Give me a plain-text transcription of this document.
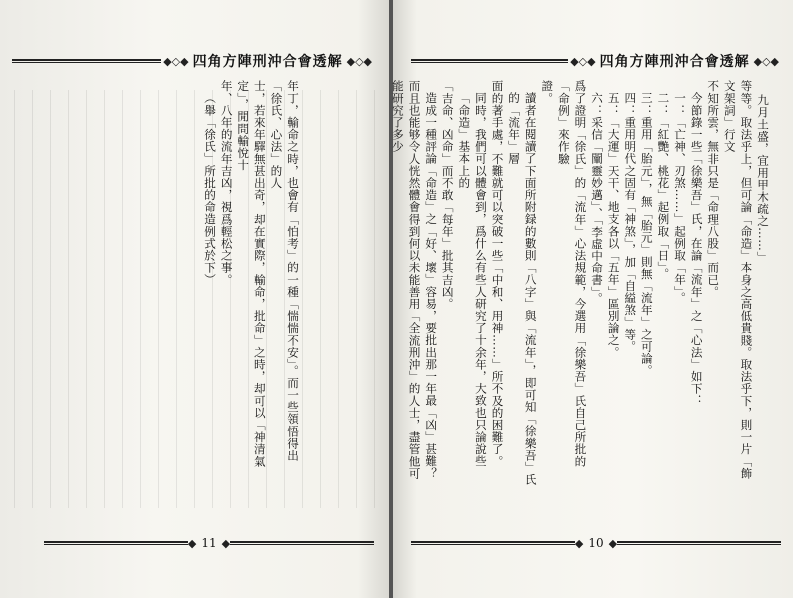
◆◇◆ 四角方陣刑沖合會透解 ◆◇◆

年丁，輸命之時，也會有「怕考」的一種「惴惴不安」。而一些領悟得出「徐氏、心法」的人

士，若來年驛無甚出奇，却在實際，輸命，批命」之時，却可以「神清氣定」，閒問輸悅十

年、八年的流年吉凶，視爲輕松之事。

（舉「徐氏」所批的命造例式於下）

◆ 11 ◆
◆◇◆ 四角方陣刑沖合會透解 ◆◇◆

九月土盛，宜用甲木疏之……」

等等。取法乎上，但可論「命造」本身之高低貴賤。取法乎下，則一片「飾文架詞」行文

不知所雲，無非只是「命理八股」而已。

今節錄一些「徐樂吾」氏，在論「流年」之「心法」如下：

一：「亡神、刃煞……」起例取「年」。

二：「紅艷、桃花」起例取「日」。

三：重用「胎元」，無「胎元」則無「流年」之可論。

四：重用明代之固有「神煞」，加「自縊煞」等。

五：「大運」天干、地支各以「五年」區別論之。

六：采信「闡靈妙邁」、「李虛中命書」。

爲了證明「徐氏」的「流年」心法規範，今選用「徐樂吾」氏自己所批的「命例」來作驗

證。

讀者在閱讀了下面所附録的數則「八字」與「流年」，即可知「徐樂吾」氏的「流年」層

面的著手處，不難就可以突破一些「中和、用神……」所不及的困難了。

同時，我們可以體會到，爲什么有些人研究了十余年，大致也只論說些「命造」基本上的

「吉命、凶命」而不敢「每年」批其吉凶。

造成一種評論「命造」之「好、壞」容易，要批出那一年最「凶」甚難？

而且也能够令人恍然體會得到何以未能善用「全流刑沖」的人士，盡管他可能研究了多少

◆ 10 ◆
